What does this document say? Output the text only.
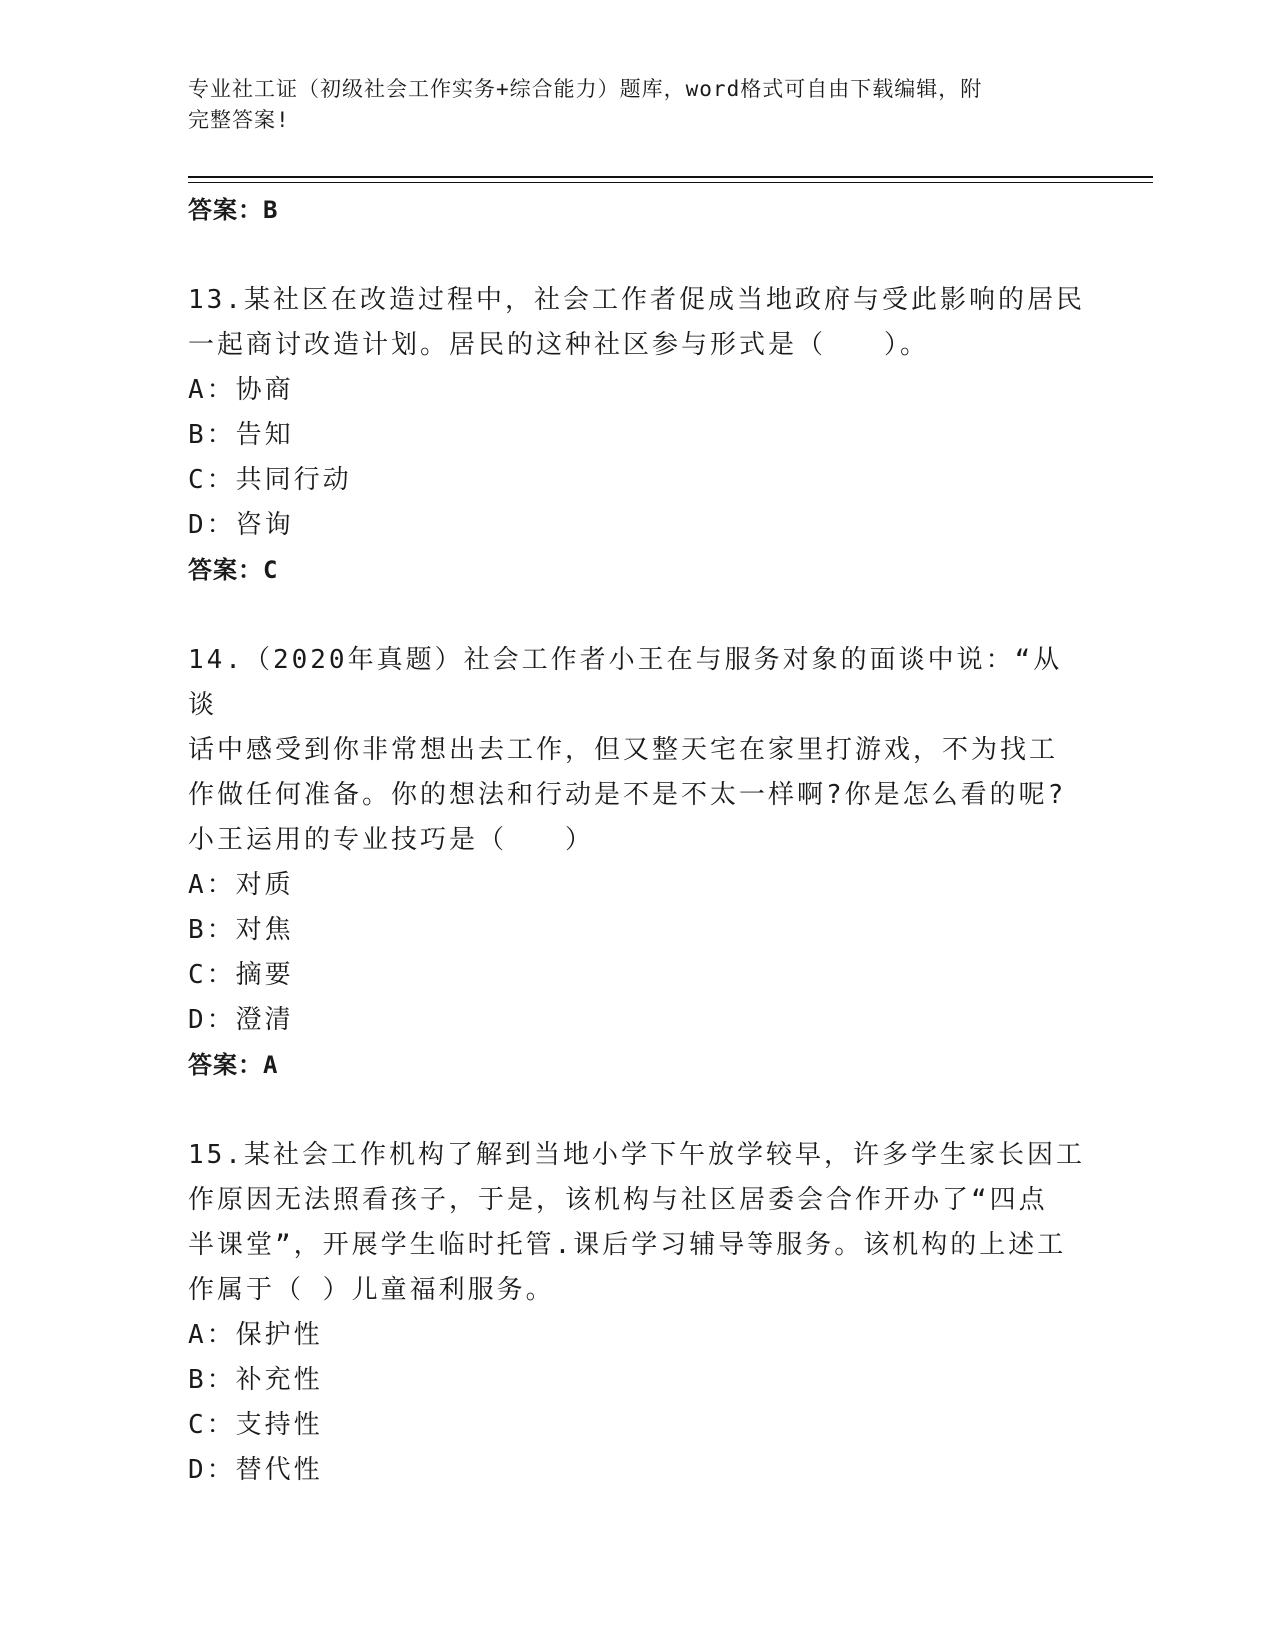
专业社工证（初级社会工作实务+综合能力）题库，word格式可自由下载编辑，附
完整答案!

答案：B

13.某社区在改造过程中，社会工作者促成当地政府与受此影响的居民

一起商讨改造计划。居民的这种社区参与形式是（　　）。

A：协商
B：告知
C：共同行动
D：咨询

答案：C

14.（2020年真题）社会工作者小王在与服务对象的面谈中说：“从谈

话中感受到你非常想出去工作，但又整天宅在家里打游戏，不为找工

作做任何准备。你的想法和行动是不是不太一样啊?你是怎么看的呢?

小王运用的专业技巧是（　　）

A：对质
B：对焦
C：摘要
D：澄清

答案：A

15.某社会工作机构了解到当地小学下午放学较早，许多学生家长因工

作原因无法照看孩子，于是，该机构与社区居委会合作开办了“四点

半课堂”，开展学生临时托管.课后学习辅导等服务。该机构的上述工

作属于（ ）儿童福利服务。

A：保护性
B：补充性
C：支持性
D：替代性
